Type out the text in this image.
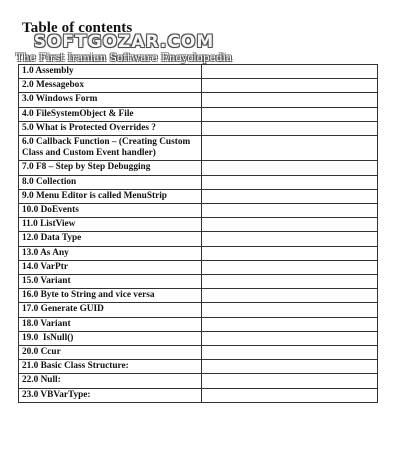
Table of contents
SOFTGOZAR.COM
The First Iranian Software Encyclopedia
1.0 Assembly	
2.0 Messagebox	
3.0 Windows Form	
4.0 FileSystemObject & File	
5.0 What is Protected Overrides ?	
6.0 Callback Function – (Creating Custom Class and Custom Event handler)	
7.0 F8 – Step by Step Debugging	
8.0 Collection	
9.0 Menu Editor is called MenuStrip	
10.0 DoEvents	
11.0 ListView	
12.0 Data Type	
13.0 As Any	
14.0 VarPtr	
15.0 Variant	
16.0 Byte to String and vice versa	
17.0 Generate GUID	
18.0 Variant	
19.0  IsNull()	
20.0 Ccur	
21.0 Basic Class Structure:	
22.0 Null:	
23.0 VBVarType:	
